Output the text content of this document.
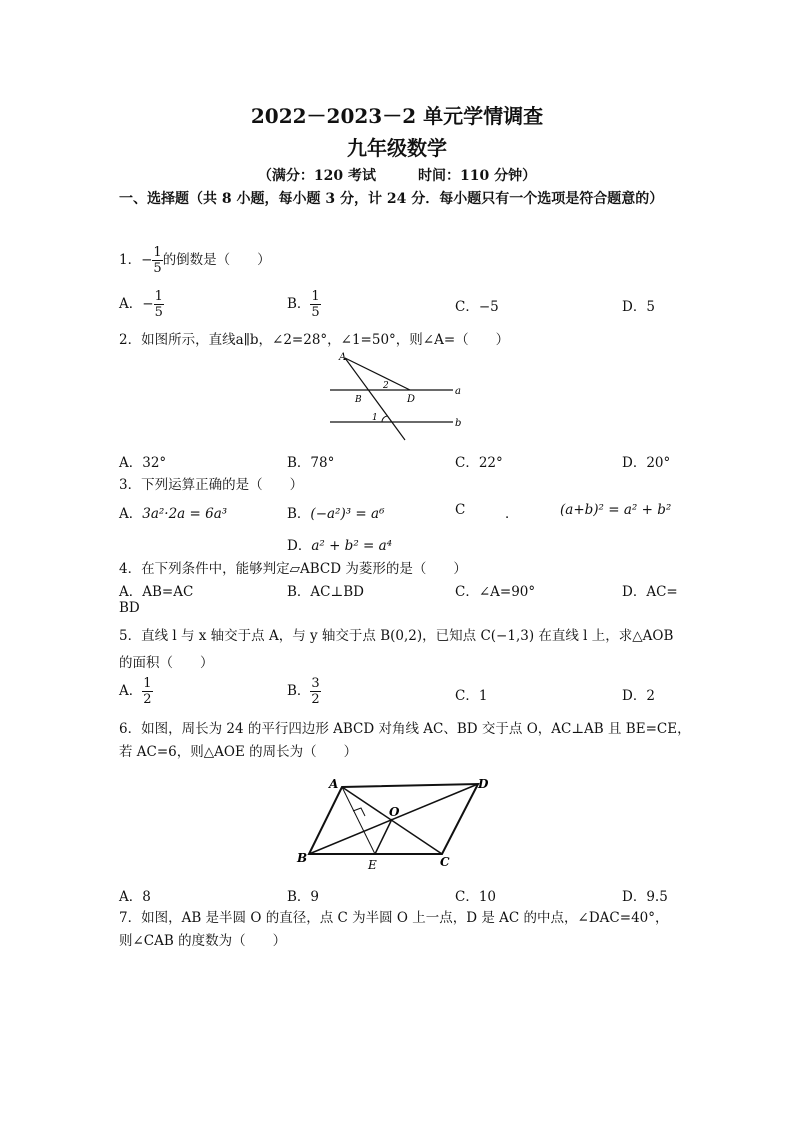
2022－2023－2 单元学情调查
九年级数学
（满分：120 考试　　　时间：110 分钟）
一、选择题（共 8 小题，每小题 3 分，计 24 分．每小题只有一个选项是符合题意的）
1．− $\frac{1}{5}$ 的倒数是（　　）
A．− $\frac{1}{5}$	B． $\frac{1}{5}$	C．−5	D．5
2．如图所示，直线a∥b，∠2=28°，∠1=50°，则∠A=（　　）
A
2
B	D
a
1	b
A．32°	B．78°	C．22°	D．20°
3．下列运算正确的是（　　）
A．3a²·2a = 6a³	B．(−a²)³ = a⁶	C	．	(a+b)² = a² + b²
D．a² + b² = a⁴
4．在下列条件中，能够判定▱ABCD 为菱形的是（　　）
A．AB=AC	B．AC⊥BD	C．∠A=90°	D．AC=
BD
5．直线 l 与 x 轴交于点 A，与 y 轴交于点 B(0,2)，已知点 C(−1,3) 在直线 l 上，求△AOB
的面积（　　）
A． $\frac{1}{2}$	B． $\frac{3}{2}$	C．1	D．2
6．如图，周长为 24 的平行四边形 ABCD 对角线 AC、BD 交于点 O，AC⊥AB 且 BE=CE，
若 AC=6，则△AOE 的周长为（　　）
A	D
O
B	C
E
A．8	B．9	C．10	D．9.5
7．如图，AB 是半圆 O 的直径，点 C 为半圆 O 上一点，D 是 AC 的中点，∠DAC=40°，
则∠CAB 的度数为（　　）
